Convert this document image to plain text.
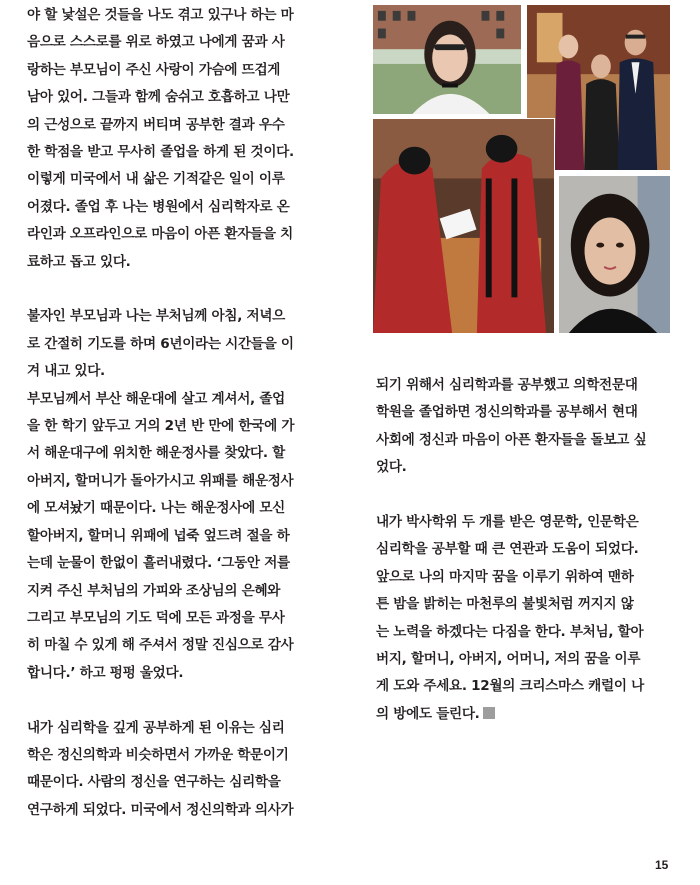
야 할 낯설은 것들을 나도 겪고 있구나 하는 마
음으로 스스로를 위로 하였고 나에게 꿈과 사
랑하는 부모님이 주신 사랑이 가슴에 뜨겁게
남아 있어. 그들과 함께 숨쉬고 호흡하고 나만
의 근성으로 끝까지 버티며 공부한 결과 우수
한 학점을 받고 무사히 졸업을 하게 된 것이다.
이렇게 미국에서 내 삶은 기적같은 일이 이루
어졌다. 졸업 후 나는 병원에서 심리학자로 온
라인과 오프라인으로 마음이 아픈 환자들을 치
료하고 돕고 있다.

불자인 부모님과 나는 부처님께 아침, 저녁으
로 간절히 기도를 하며 6년이라는 시간들을 이
겨 내고 있다.

부모님께서 부산 해운대에 살고 계셔서, 졸업
을 한 학기 앞두고 거의 2년 반 만에 한국에 가
서 해운대구에 위치한 해운정사를 찾았다. 할
아버지, 할머니가 돌아가시고 위패를 해운정사
에 모셔놨기 때문이다. 나는 해운정사에 모신
할아버지, 할머니 위패에 넙죽 엎드려 절을 하
는데 눈물이 한없이 흘러내렸다. ‘그동안 저를
지켜 주신 부처님의 가피와 조상님의 은혜와
그리고 부모님의 기도 덕에 모든 과정을 무사
히 마칠 수 있게 해 주셔서 정말 진심으로 감사
합니다.’ 하고 펑펑 울었다.

내가 심리학을 깊게 공부하게 된 이유는 심리
학은 정신의학과 비슷하면서 가까운 학문이기
때문이다. 사람의 정신을 연구하는 심리학을
연구하게 되었다. 미국에서 정신의학과 의사가

되기 위해서 심리학과를 공부했고 의학전문대
학원을 졸업하면 정신의학과를 공부해서 현대
사회에 정신과 마음이 아픈 환자들을 돌보고 싶
었다.

내가 박사학위 두 개를 받은 영문학, 인문학은
심리학을 공부할 때 큰 연관과 도움이 되었다.
앞으로 나의 마지막 꿈을 이루기 위하여 맨하
튼 밤을 밝히는 마천루의 불빛처럼 꺼지지 않
는 노력을 하겠다는 다짐을 한다. 부처님, 할아
버지, 할머니, 아버지, 어머니, 저의 꿈을 이루
게 도와 주세요. 12월의 크리스마스 캐럴이 나
의 방에도 들린다.

15
